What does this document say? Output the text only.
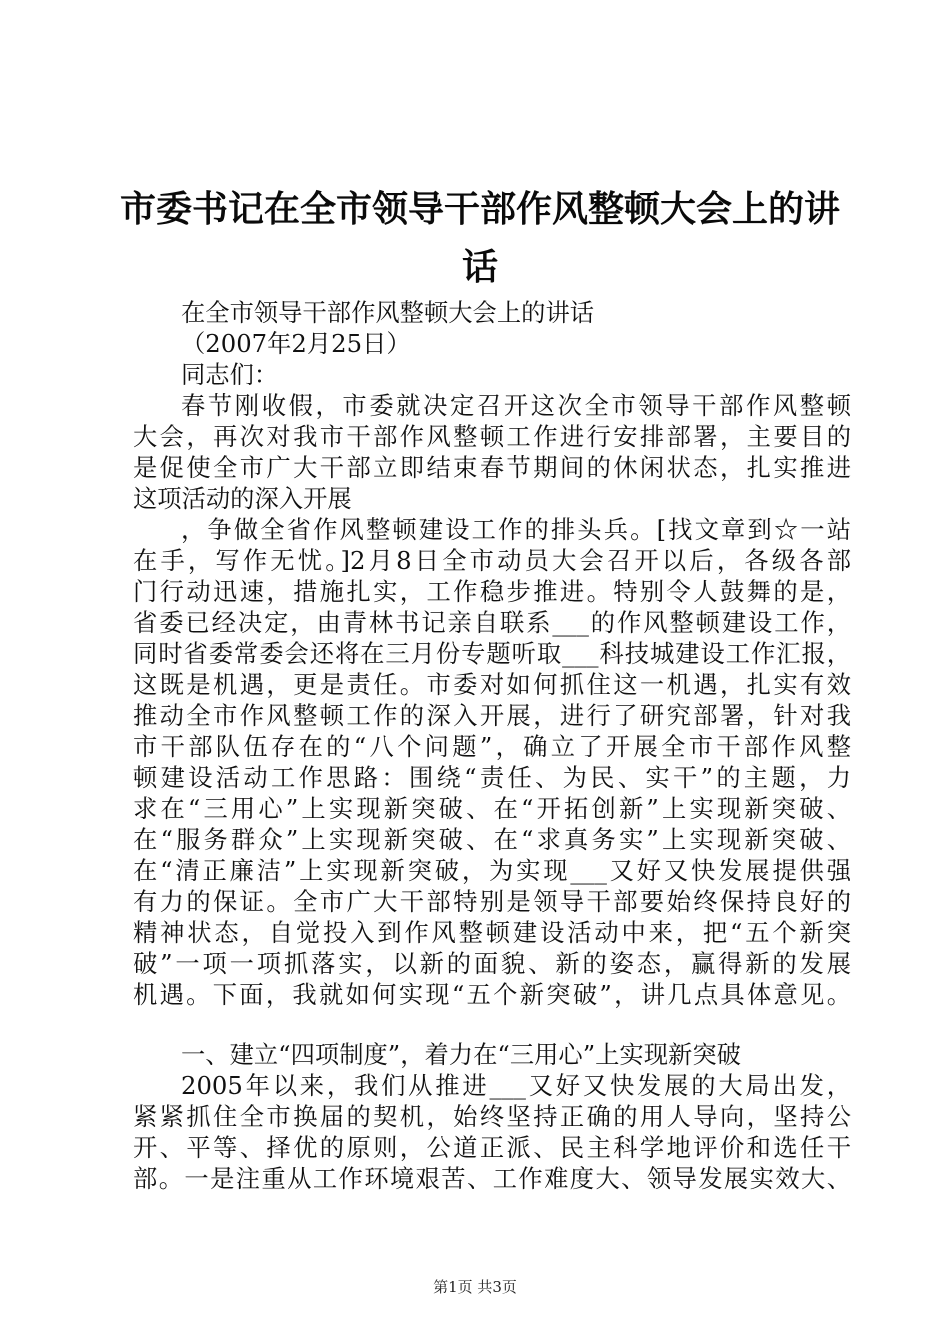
市委书记在全市领导干部作风整顿大会上的讲
话
在全市领导干部作风整顿大会上的讲话
（2007年2月25日）
同志们：
春节刚收假，市委就决定召开这次全市领导干部作风整顿
大会，再次对我市干部作风整顿工作进行安排部署，主要目的
是促使全市广大干部立即结束春节期间的休闲状态，扎实推进
这项活动的深入开展
，争做全省作风整顿建设工作的排头兵。[找文章到☆一站
在手，写作无忧。]2月8日全市动员大会召开以后，各级各部
门行动迅速，措施扎实，工作稳步推进。特别令人鼓舞的是，
省委已经决定，由青林书记亲自联系___的作风整顿建设工作，
同时省委常委会还将在三月份专题听取___科技城建设工作汇报，
这既是机遇，更是责任。市委对如何抓住这一机遇，扎实有效
推动全市作风整顿工作的深入开展，进行了研究部署，针对我
市干部队伍存在的“八个问题”，确立了开展全市干部作风整
顿建设活动工作思路：围绕“责任、为民、实干”的主题，力
求在“三用心”上实现新突破、在“开拓创新”上实现新突破、
在“服务群众”上实现新突破、在“求真务实”上实现新突破、
在“清正廉洁”上实现新突破，为实现___又好又快发展提供强
有力的保证。全市广大干部特别是领导干部要始终保持良好的
精神状态，自觉投入到作风整顿建设活动中来，把“五个新突
破”一项一项抓落实，以新的面貌、新的姿态，赢得新的发展
机遇。下面，我就如何实现“五个新突破”，讲几点具体意见。
一、建立“四项制度”，着力在“三用心”上实现新突破
2005年以来，我们从推进___又好又快发展的大局出发，
紧紧抓住全市换届的契机，始终坚持正确的用人导向，坚持公
开、平等、择优的原则，公道正派、民主科学地评价和选任干
部。一是注重从工作环境艰苦、工作难度大、领导发展实效大、
第1页 共3页
